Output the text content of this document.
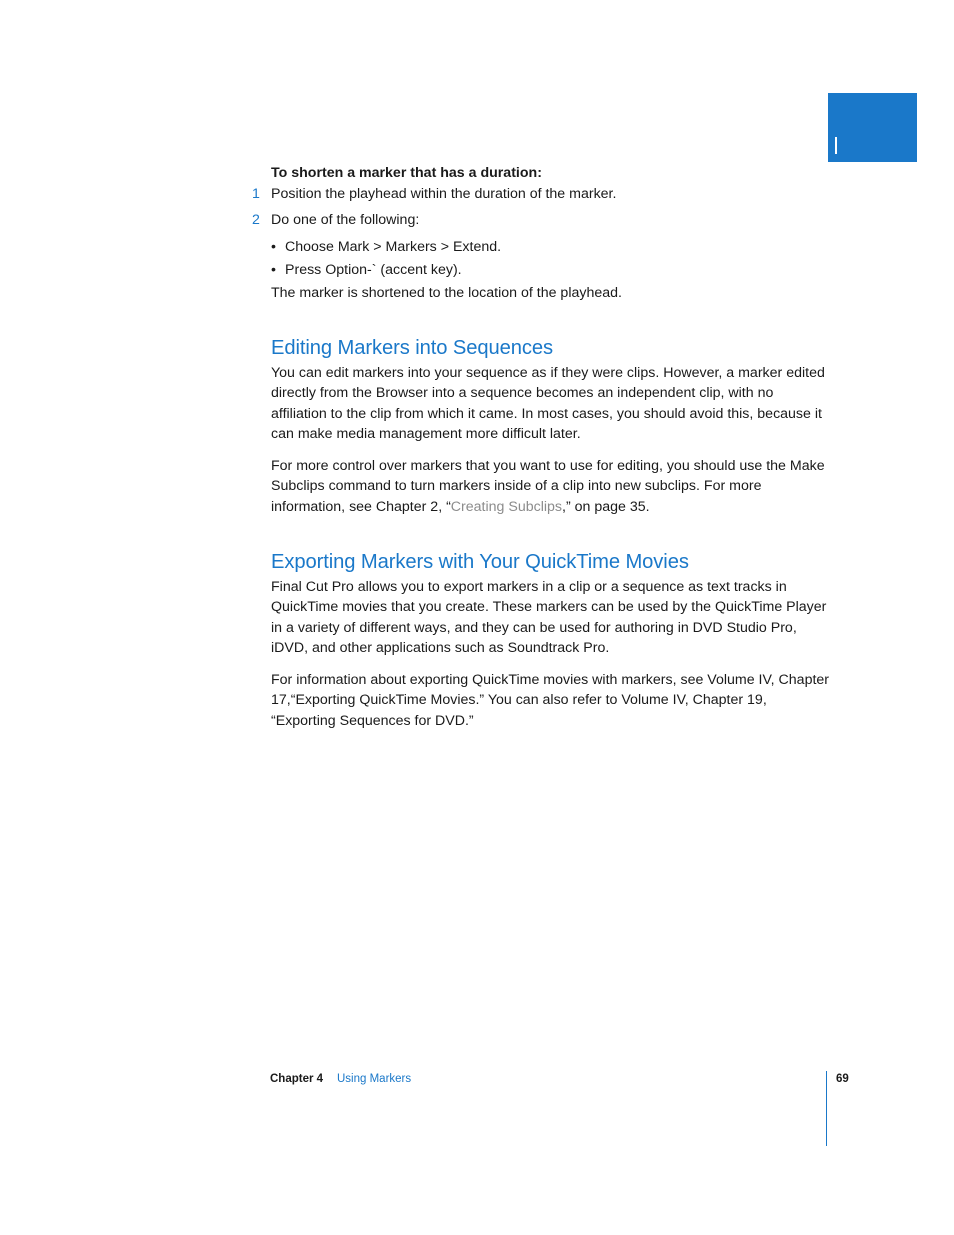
To shorten a marker that has a duration:
1 Position the playhead within the duration of the marker.
2 Do one of the following:
• Choose Mark > Markers > Extend.
• Press Option-` (accent key).
The marker is shortened to the location of the playhead.
Editing Markers into Sequences
You can edit markers into your sequence as if they were clips. However, a marker edited directly from the Browser into a sequence becomes an independent clip, with no affiliation to the clip from which it came. In most cases, you should avoid this, because it can make media management more difficult later.
For more control over markers that you want to use for editing, you should use the Make Subclips command to turn markers inside of a clip into new subclips. For more information, see Chapter 2, “Creating Subclips,” on page 35.
Exporting Markers with Your QuickTime Movies
Final Cut Pro allows you to export markers in a clip or a sequence as text tracks in QuickTime movies that you create. These markers can be used by the QuickTime Player in a variety of different ways, and they can be used for authoring in DVD Studio Pro, iDVD, and other applications such as Soundtrack Pro.
For information about exporting QuickTime movies with markers, see Volume IV, Chapter 17,“Exporting QuickTime Movies.” You can also refer to Volume IV, Chapter 19, “Exporting Sequences for DVD.”
Chapter 4 Using Markers	69
